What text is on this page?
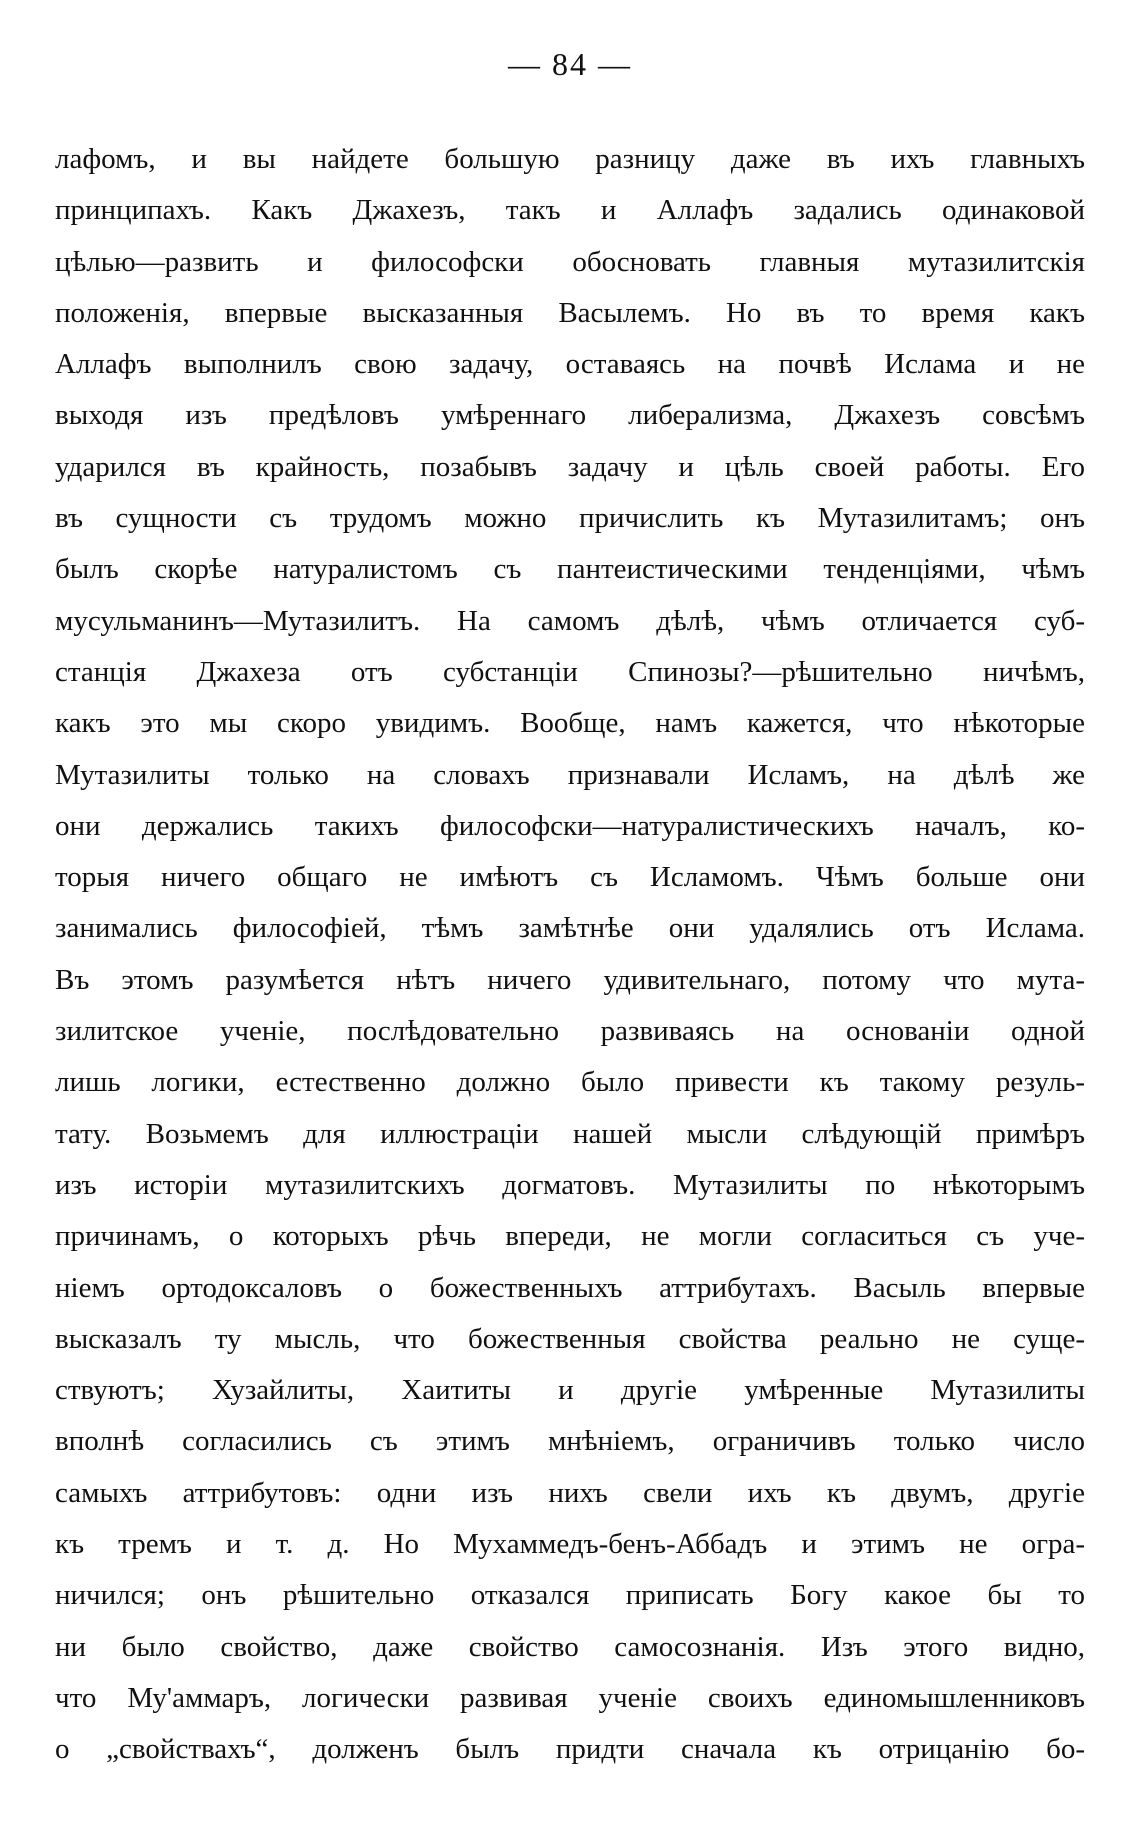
— 84 —
лафомъ, и вы найдете большую разницу даже въ ихъ главныхъ
принципахъ. Какъ Джахезъ, такъ и Аллафъ задались одинаковой
цѣлью—развить и философски обосновать главныя мутазилитскія
положенія, впервые высказанныя Васылемъ. Но въ то время какъ
Аллафъ выполнилъ свою задачу, оставаясь на почвѣ Ислама и не
выходя изъ предѣловъ умѣреннаго либерализма, Джахезъ совсѣмъ
ударился въ крайность, позабывъ задачу и цѣль своей работы. Его
въ сущности съ трудомъ можно причислить къ Мутазилитамъ; онъ
былъ скорѣе натуралистомъ съ пантеистическими тенденціями, чѣмъ
мусульманинъ—Мутазилитъ. На самомъ дѣлѣ, чѣмъ отличается суб-
станція Джахеза отъ субстанціи Спинозы?—рѣшительно ничѣмъ,
какъ это мы скоро увидимъ. Вообще, намъ кажется, что нѣкоторые
Мутазилиты только на словахъ признавали Исламъ, на дѣлѣ же
они держались такихъ философски—натуралистическихъ началъ, ко-
торыя ничего общаго не имѣютъ съ Исламомъ. Чѣмъ больше они
занимались философіей, тѣмъ замѣтнѣе они удалялись отъ Ислама.
Въ этомъ разумѣется нѣтъ ничего удивительнаго, потому что мута-
зилитское ученіе, послѣдовательно развиваясь на основаніи одной
лишь логики, естественно должно было привести къ такому резуль-
тату. Возьмемъ для иллюстраціи нашей мысли слѣдующій примѣръ
изъ исторіи мутазилитскихъ догматовъ. Мутазилиты по нѣкоторымъ
причинамъ, о которыхъ рѣчь впереди, не могли согласиться съ уче-
ніемъ ортодоксаловъ о божественныхъ аттрибутахъ. Васыль впервые
высказалъ ту мысль, что божественныя свойства реально не суще-
ствуютъ; Хузайлиты, Хаититы и другіе умѣренные Мутазилиты
вполнѣ согласились съ этимъ мнѣніемъ, ограничивъ только число
самыхъ аттрибутовъ: одни изъ нихъ свели ихъ къ двумъ, другіе
къ тремъ и т. д. Но Мухаммедъ-бенъ-Аббадъ и этимъ не огра-
ничился; онъ рѣшительно отказался приписать Богу какое бы то
ни было свойство, даже свойство самосознанія. Изъ этого видно,
что Му'аммаръ, логически развивая ученіе своихъ единомышленниковъ
о „свойствахъ“, долженъ былъ придти сначала къ отрицанію бо-
